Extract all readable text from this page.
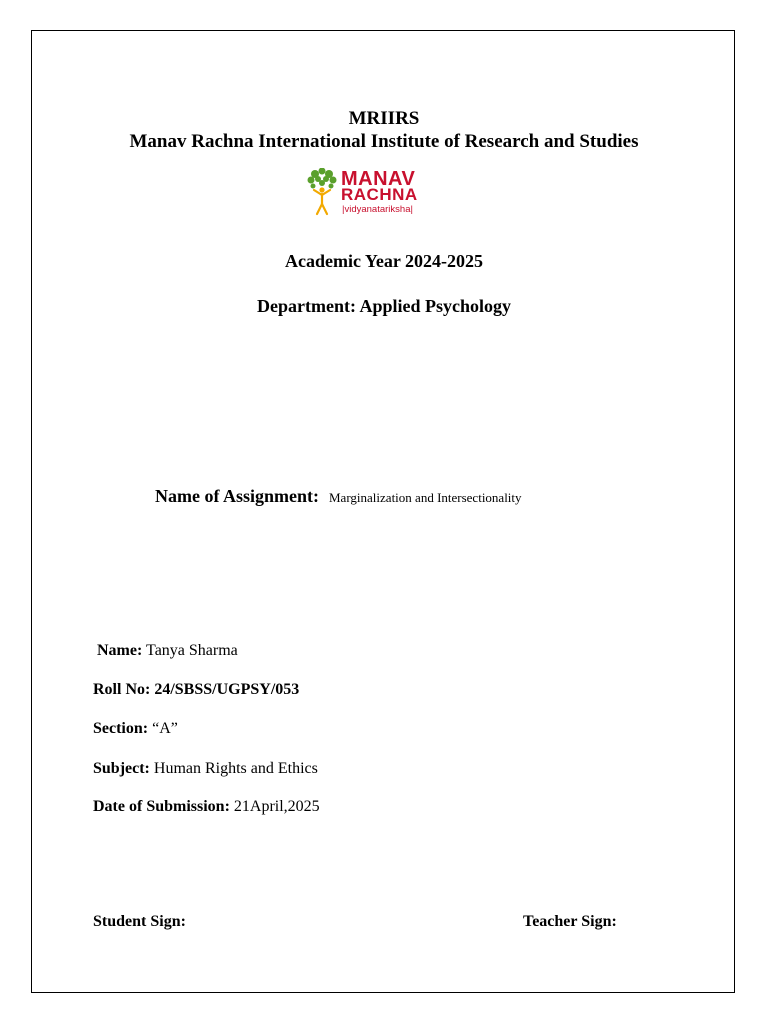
MRIIRS
Manav Rachna International Institute of Research and Studies
MANAV
RACHNA
|vidyanatariksha|
Academic Year 2024-2025
Department: Applied Psychology
Name of Assignment: Marginalization and Intersectionality
Name: Tanya Sharma
Roll No: 24/SBSS/UGPSY/053
Section: “A”
Subject: Human Rights and Ethics
Date of Submission: 21April,2025
Student Sign:	Teacher Sign:
